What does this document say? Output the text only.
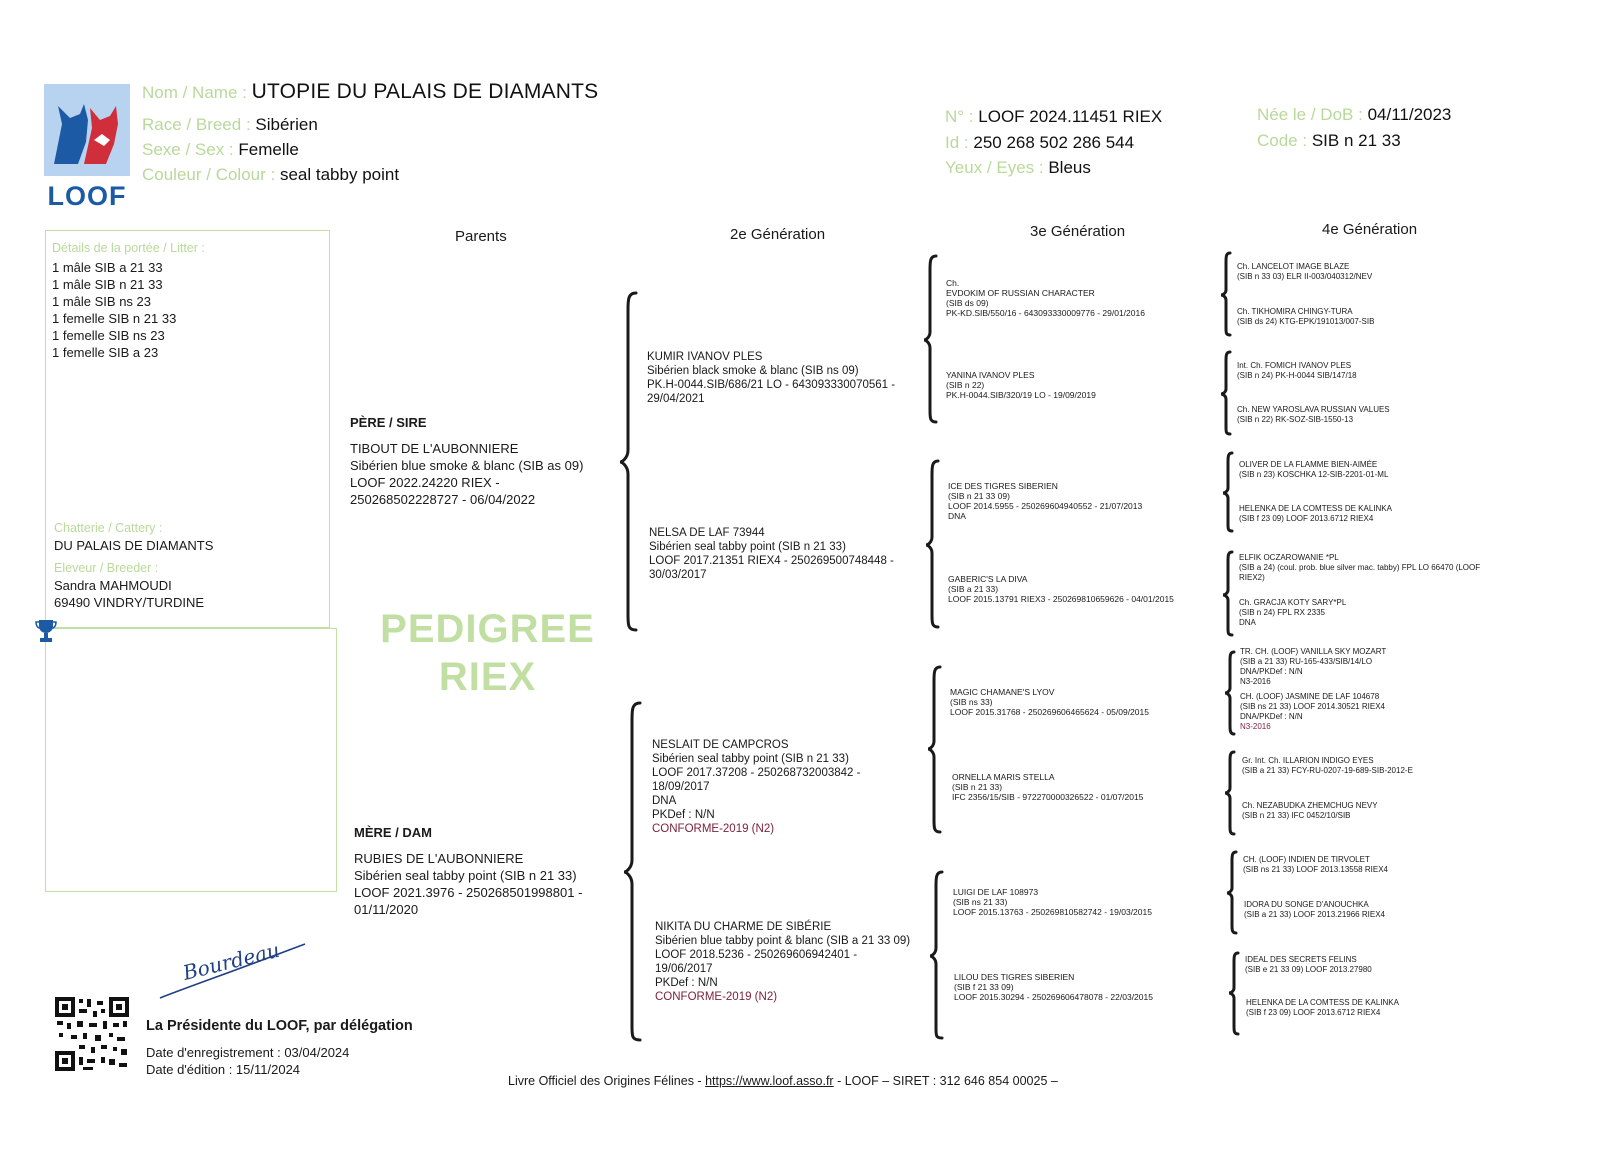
LOOF
Nom / Name : UTOPIE DU PALAIS DE DIAMANTS
Race / Breed : Sibérien
Sexe / Sex : Femelle
Couleur / Colour : seal tabby point
N° : LOOF 2024.11451 RIEX
Id : 250 268 502 286 544
Yeux / Eyes : Bleus
Née le / DoB : 04/11/2023
Code : SIB n 21 33
Parents	2e Génération	3e Génération	4e Génération
Détails de la portée / Litter :
1 mâle SIB a 21 33
1 mâle SIB n 21 33
1 mâle SIB ns 23
1 femelle SIB n 21 33
1 femelle SIB ns 23
1 femelle SIB a 23
Chatterie / Cattery :
DU PALAIS DE DIAMANTS
Eleveur / Breeder :
Sandra MAHMOUDI
69490 VINDRY/TURDINE
PEDIGREE
RIEX
PÈRE / SIRE
TIBOUT DE L'AUBONNIERE
Sibérien blue smoke & blanc (SIB as 09)
LOOF 2022.24220 RIEX -
250268502228727 - 06/04/2022
MÈRE / DAM
RUBIES DE L'AUBONNIERE
Sibérien seal tabby point (SIB n 21 33)
LOOF 2021.3976 - 250268501998801 -
01/11/2020
KUMIR IVANOV PLES
Sibérien black smoke & blanc (SIB ns 09)
PK.H-0044.SIB/686/21 LO - 643093330070561 -
29/04/2021
NELSA DE LAF 73944
Sibérien seal tabby point (SIB n 21 33)
LOOF 2017.21351 RIEX4 - 250269500748448 -
30/03/2017
NESLAIT DE CAMPCROS
Sibérien seal tabby point (SIB n 21 33)
LOOF 2017.37208 - 250268732003842 -
18/09/2017
DNA
PKDef : N/N
CONFORME-2019 (N2)
NIKITA DU CHARME DE SIBÉRIE
Sibérien blue tabby point & blanc (SIB a 21 33 09)
LOOF 2018.5236 - 250269606942401 -
19/06/2017
PKDef : N/N
CONFORME-2019 (N2)
Ch.
EVDOKIM OF RUSSIAN CHARACTER
(SIB ds 09)
PK-KD.SIB/550/16 - 643093330009776 - 29/01/2016
YANINA IVANOV PLES
(SIB n 22)
PK.H-0044.SIB/320/19 LO - 19/09/2019
ICE DES TIGRES SIBERIEN
(SIB n 21 33 09)
LOOF 2014.5955 - 250269604940552 - 21/07/2013
DNA
GABERIC'S LA DIVA
(SIB a 21 33)
LOOF 2015.13791 RIEX3 - 250269810659626 - 04/01/2015
MAGIC CHAMANE'S LYOV
(SIB ns 33)
LOOF 2015.31768 - 250269606465624 - 05/09/2015
ORNELLA MARIS STELLA
(SIB n 21 33)
IFC 2356/15/SIB - 972270000326522 - 01/07/2015
LUIGI DE LAF 108973
(SIB ns 21 33)
LOOF 2015.13763 - 250269810582742 - 19/03/2015
LILOU DES TIGRES SIBERIEN
(SIB f 21 33 09)
LOOF 2015.30294 - 250269606478078 - 22/03/2015
Ch. LANCELOT IMAGE BLAZE
(SIB n 33 03) ELR II-003/040312/NEV
Ch. TIKHOMIRA CHINGY-TURA
(SIB ds 24) KTG-EPK/191013/007-SIB
Int. Ch. FOMICH IVANOV PLES
(SIB n 24) PK-H-0044 SIB/147/18
Ch. NEW YAROSLAVA RUSSIAN VALUES
(SIB n 22) RK-SOZ-SIB-1550-13
OLIVER DE LA FLAMME BIEN-AIMÉE
(SIB n 23) KOSCHKA 12-SIB-2201-01-ML
HELENKA DE LA COMTESS DE KALINKA
(SIB f 23 09) LOOF 2013.6712 RIEX4
ELFIK OCZAROWANIE *PL
(SIB a 24) (coul. prob. blue silver mac. tabby) FPL LO 66470 (LOOF
RIEX2)
Ch. GRACJA KOTY SARY*PL
(SIB n 24) FPL RX 2335
DNA
TR. CH. (LOOF) VANILLA SKY MOZART
(SIB a 21 33) RU-165-433/SIB/14/LO
DNA/PKDef : N/N
N3-2016
CH. (LOOF) JASMINE DE LAF 104678
(SIB ns 21 33) LOOF 2014.30521 RIEX4
DNA/PKDef : N/N
N3-2016
Gr. Int. Ch. ILLARION INDIGO EYES
(SIB a 21 33) FCY-RU-0207-19-689-SIB-2012-E
Ch. NEZABUDKA ZHEMCHUG NEVY
(SIB n 21 33) IFC 0452/10/SIB
CH. (LOOF) INDIEN DE TIRVOLET
(SIB ns 21 33) LOOF 2013.13558 RIEX4
IDORA DU SONGE D'ANOUCHKA
(SIB a 21 33) LOOF 2013.21966 RIEX4
IDEAL DES SECRETS FELINS
(SIB e 21 33 09) LOOF 2013.27980
HELENKA DE LA COMTESS DE KALINKA
(SIB f 23 09) LOOF 2013.6712 RIEX4
Bourdeau
La Présidente du LOOF, par délégation
Date d'enregistrement : 03/04/2024
Date d'édition : 15/11/2024
Livre Officiel des Origines Félines - https://www.loof.asso.fr - LOOF – SIRET : 312 646 854 00025 –
